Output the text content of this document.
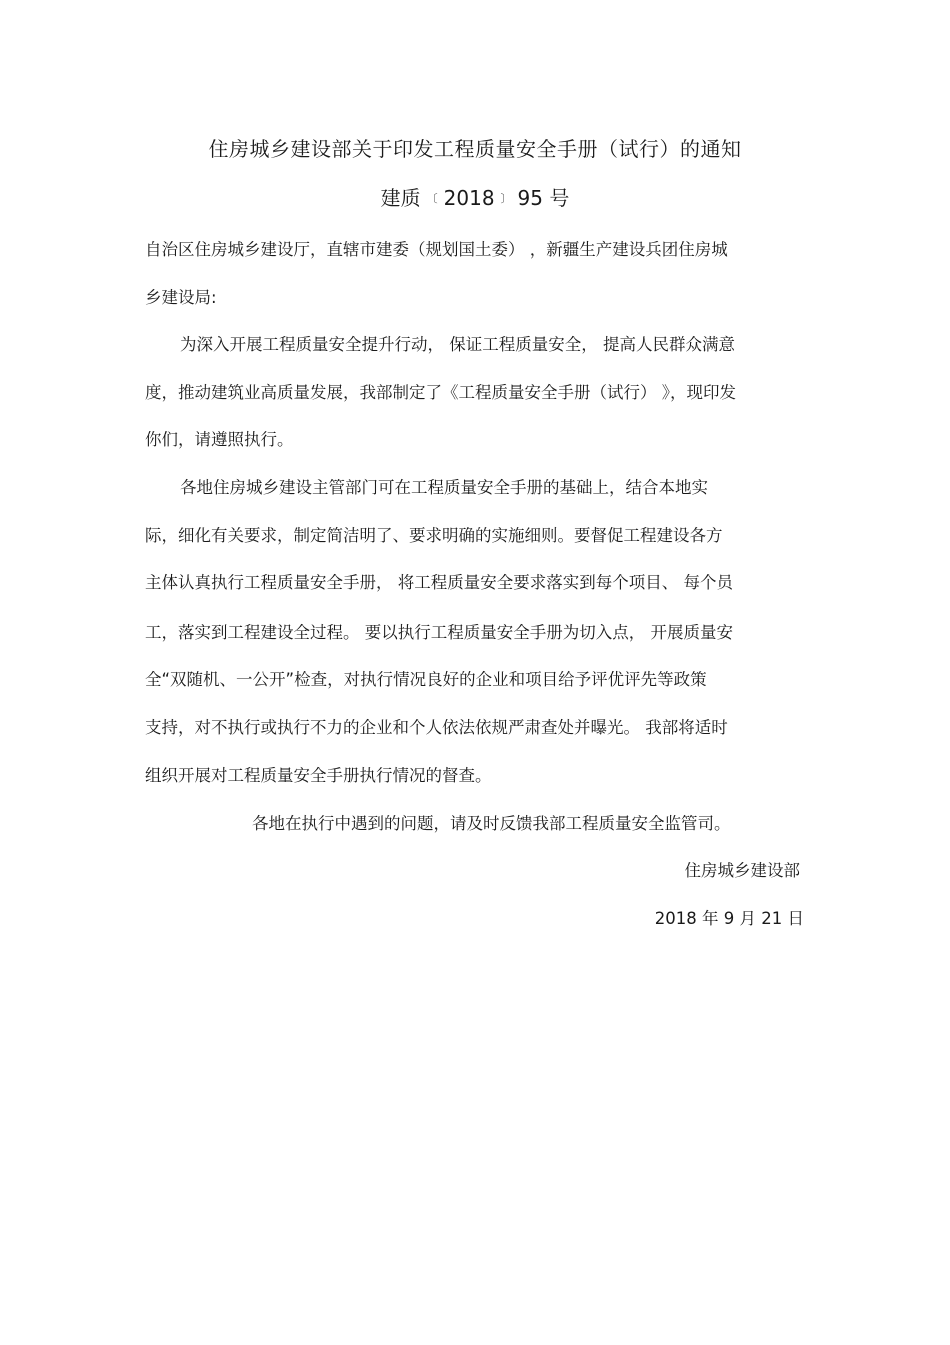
住房城乡建设部关于印发工程质量安全手册（试行）的通知
建质 〔 2018 〕 95 号
自治区住房城乡建设厅，直辖市建委（规划国土委） ，新疆生产建设兵团住房城
乡建设局:
为深入开展工程质量安全提升行动， 保证工程质量安全， 提高人民群众满意
度，推动建筑业高质量发展，我部制定了《工程质量安全手册（试行） 》，现印发
你们，请遵照执行。
各地住房城乡建设主管部门可在工程质量安全手册的基础上，结合本地实
际，细化有关要求，制定简洁明了、要求明确的实施细则。要督促工程建设各方
主体认真执行工程质量安全手册， 将工程质量安全要求落实到每个项目、 每个员
工，落实到工程建设全过程。 要以执行工程质量安全手册为切入点， 开展质量安
全“双随机、一公开”检查，对执行情况良好的企业和项目给予评优评先等政策
支持，对不执行或执行不力的企业和个人依法依规严肃查处并曝光。 我部将适时
组织开展对工程质量安全手册执行情况的督查。
各地在执行中遇到的问题，请及时反馈我部工程质量安全监管司。
住房城乡建设部
2018 年 9 月 21 日
